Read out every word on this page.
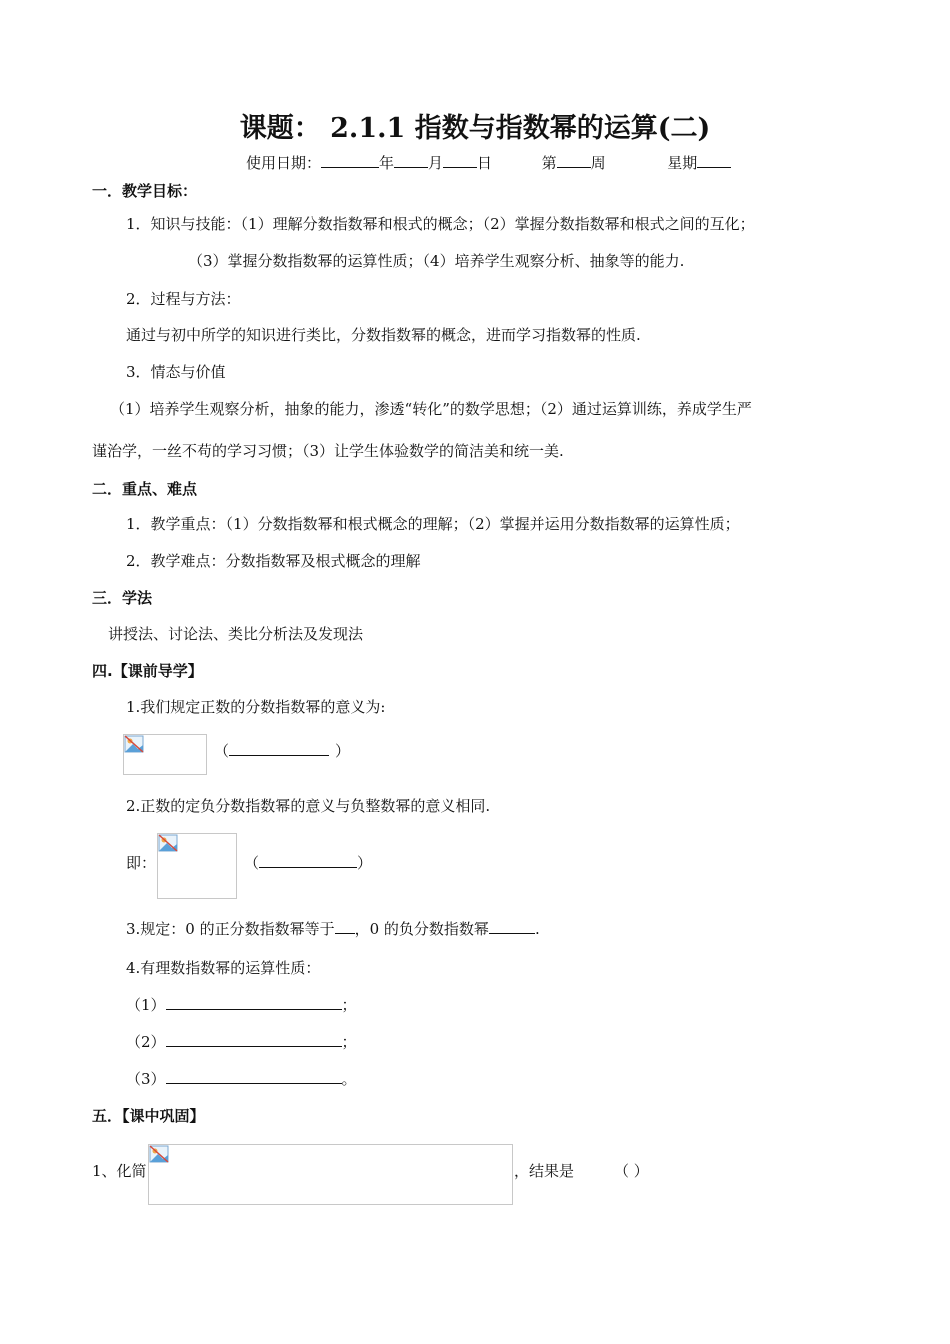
课题： 2.1.1 指数与指数幂的运算(二)
使用日期：	年 月 日	第 周	星期
一．教学目标：
1．知识与技能：（1）理解分数指数幂和根式的概念；（2）掌握分数指数幂和根式之间的互化；
（3）掌握分数指数幂的运算性质；（4）培养学生观察分析、抽象等的能力.
2．过程与方法：
通过与初中所学的知识进行类比，分数指数幂的概念，进而学习指数幂的性质.
3．情态与价值
（1）培养学生观察分析，抽象的能力，渗透“转化”的数学思想；（2）通过运算训练，养成学生严
谨治学，一丝不苟的学习习惯；（3）让学生体验数学的简洁美和统一美.
二．重点、难点
1．教学重点：（1）分数指数幂和根式概念的理解；（2）掌握并运用分数指数幂的运算性质；
2．教学难点：分数指数幂及根式概念的理解
三．学法
讲授法、讨论法、类比分析法及发现法
四.【课前导学】
1.我们规定正数的分数指数幂的意义为:
（	）
2.正数的定负分数指数幂的意义与负整数幂的意义相同.
即：	（	）
3.规定：0 的正分数指数幂等于 ，0 的负分数指数幂	.
4.有理数指数幂的运算性质：
（1）	；
（2）	；
（3）	。
五．【课中巩固】
1、化简	，结果是	（ ）
